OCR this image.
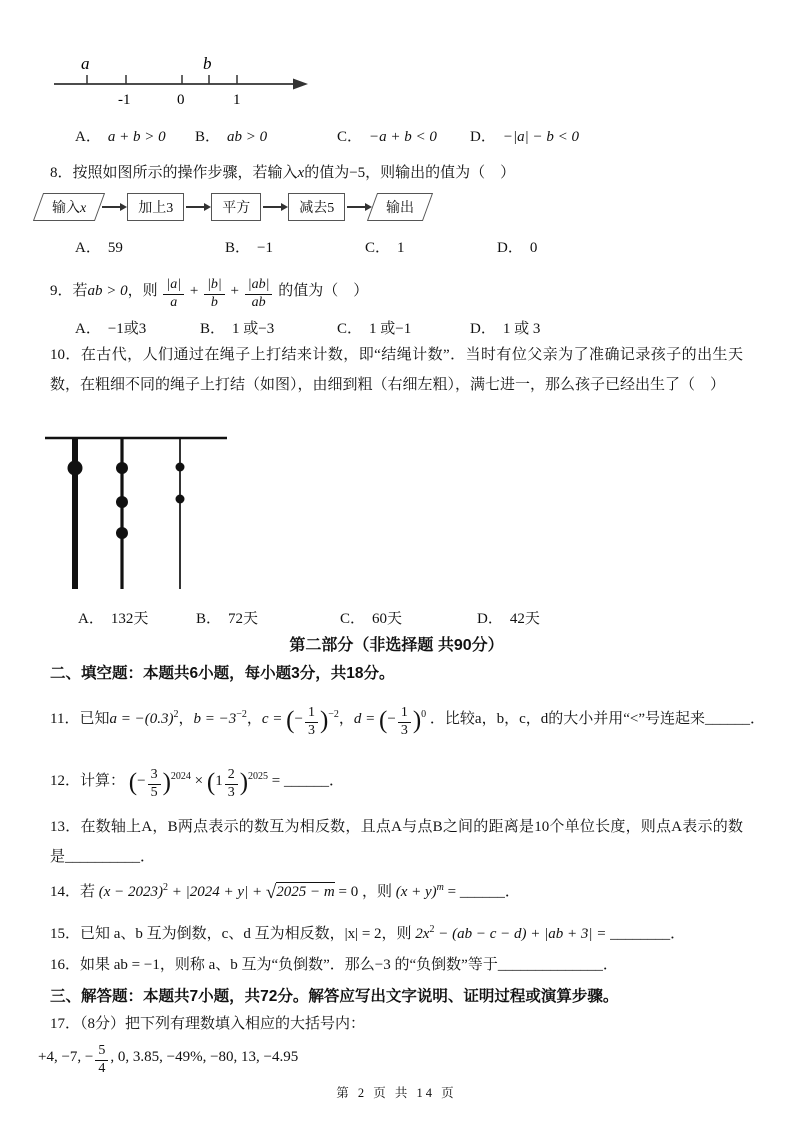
a	b
-1	0	1
A． a + b > 0	B． ab > 0	C． −a + b < 0	D． −|a| − b < 0
8．按照如图所示的操作步骤，若输入x的值为−5，则输出的值为（　）
输入x	加上3	平方	减去5	输出
A． 59	B． −1	C． 1	D． 0
9．若ab > 0，则 $\frac{|a|}{a} + \frac{|b|}{b} + \frac{|ab|}{ab}$ 的值为（　）
A． −1或3	B． 1 或−3	C． 1 或−1	D． 1 或 3
10．在古代，人们通过在绳子上打结来计数，即“结绳计数”．当时有位父亲为了准确记录孩子的出生天数，在粗细不同的绳子上打结（如图），由细到粗（右细左粗），满七进一，那么孩子已经出生了（　）
A． 132天	B． 72天	C． 60天	D． 42天
第二部分（非选择题 共90分）
二、填空题：本题共6小题，每小题3分，共18分。
11．已知$a = -(0.3)^2$，$b = -3^{-2}$，c = (− $\frac{1}{3} )^{-2}$，d = (− $\frac{1}{3} )^0$ ．比较a，b，c，d的大小并用“<”号连起来______．
12．计算： (− $\frac{3}{5} )^{2024} \times (1 \frac{2}{3} )^{2025}$ = ______．
13．在数轴上A，B两点表示的数互为相反数，且点A与点B之间的距离是10个单位长度，则点A表示的数是__________．
14．若 $(x - 2023)^2 + |2024 + y| + √2025 - m = 0$ ，则 $(x + y)^m$ = ______．
15．已知 a、b 互为倒数，c、d 互为相反数，|x| = 2，则 $2x^2 - (ab - c - d) + |ab + 3|$ = ________．
16．如果 ab = −1，则称 a、b 互为“负倒数”．那么−3 的“负倒数”等于______________．
三、解答题：本题共7小题，共72分。解答应写出文字说明、证明过程或演算步骤。
17．（8分）把下列有理数填入相应的大括号内：
+4, −7, − $\frac{5}{4}$ , 0, 3.85, −49%, −80, 13, −4.95
第 2 页 共 14 页
